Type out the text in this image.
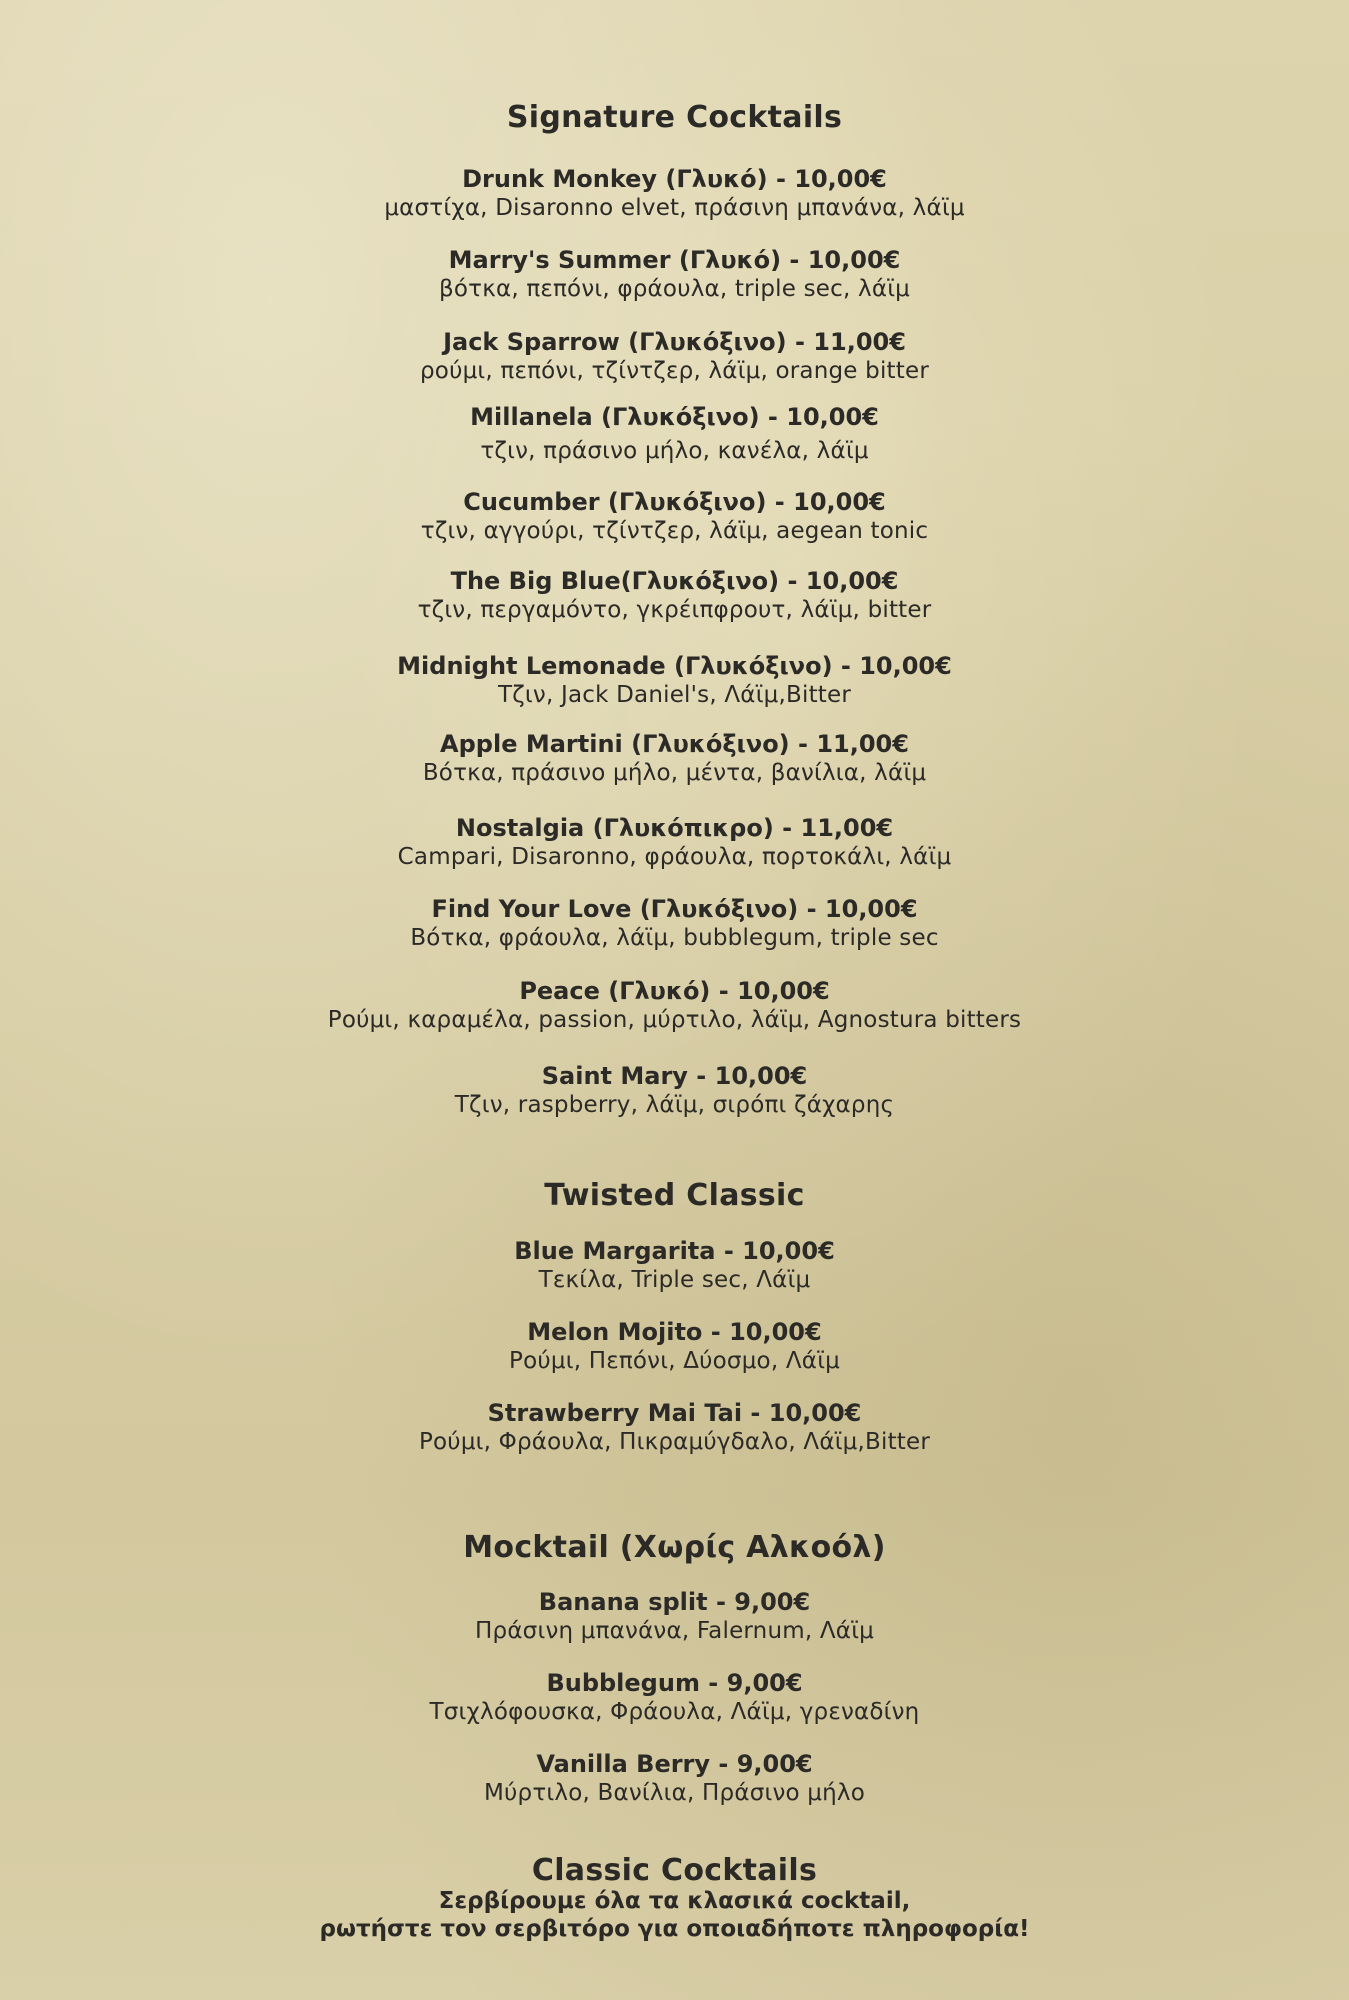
Signature Cocktails
Drunk Monkey (Γλυκό) - 10,00€
μαστίχα, Disaronno elvet, πράσινη μπανάνα, λάϊμ
Marry's Summer (Γλυκό) - 10,00€
βότκα, πεπόνι, φράουλα, triple sec, λάϊμ
Jack Sparrow (Γλυκόξινο) - 11,00€
ρούμι, πεπόνι, τζίντζερ, λάϊμ, orange bitter
Millanela (Γλυκόξινο) - 10,00€
τζιν, πράσινο μήλο, κανέλα, λάϊμ
Cucumber (Γλυκόξινο) - 10,00€
τζιν, αγγούρι, τζίντζερ, λάϊμ, aegean tonic
The Big Blue(Γλυκόξινο) - 10,00€
τζιν, περγαμόντο, γκρέιπφρουτ, λάϊμ, bitter
Midnight Lemonade (Γλυκόξινο) - 10,00€
Τζιν, Jack Daniel's, Λάϊμ,Bitter
Apple Martini (Γλυκόξινο) - 11,00€
Βότκα, πράσινο μήλο, μέντα, βανίλια, λάϊμ
Nostalgia (Γλυκόπικρο) - 11,00€
Campari, Disaronno, φράουλα, πορτοκάλι, λάϊμ
Find Your Love (Γλυκόξινο) - 10,00€
Βότκα, φράουλα, λάϊμ, bubblegum, triple sec
Peace (Γλυκό) - 10,00€
Ρούμι, καραμέλα, passion, μύρτιλο, λάϊμ, Agnostura bitters
Saint Mary - 10,00€
Τζιν, raspberry, λάϊμ, σιρόπι ζάχαρης
Twisted Classic
Blue Margarita - 10,00€
Τεκίλα, Triple sec, Λάϊμ
Melon Mojito - 10,00€
Ρούμι, Πεπόνι, Δύοσμο, Λάϊμ
Strawberry Mai Tai - 10,00€
Ρούμι, Φράουλα, Πικραμύγδαλο, Λάϊμ,Bitter
Mocktail (Χωρίς Αλκοόλ)
Banana split - 9,00€
Πράσινη μπανάνα, Falernum, Λάϊμ
Bubblegum - 9,00€
Τσιχλόφουσκα, Φράουλα, Λάϊμ, γρεναδίνη
Vanilla Berry - 9,00€
Μύρτιλο, Βανίλια, Πράσινο μήλο
Classic Cocktails
Σερβίρουμε όλα τα κλασικά cocktail,
ρωτήστε τον σερβιτόρο για οποιαδήποτε πληροφορία!
